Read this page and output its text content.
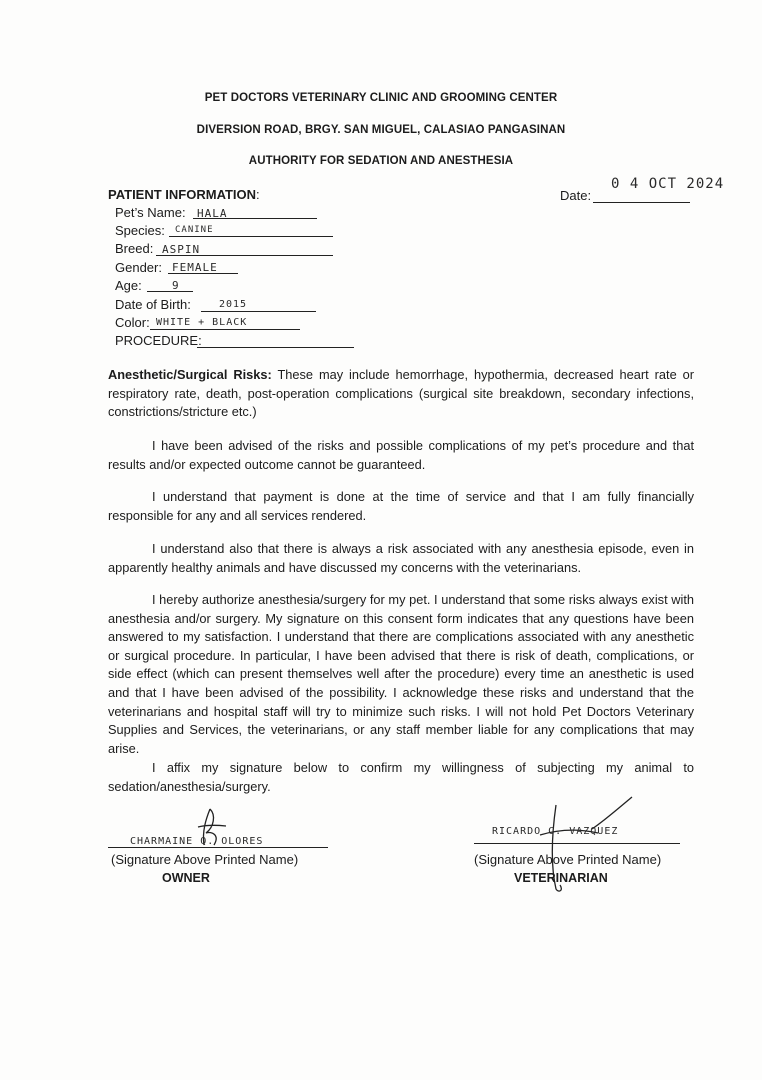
PET DOCTORS VETERINARY CLINIC AND GROOMING CENTER
DIVERSION ROAD, BRGY. SAN MIGUEL, CALASIAO PANGASINAN
AUTHORITY FOR SEDATION AND ANESTHESIA
PATIENT INFORMATION:	Date:
0 4 OCT 2024
Pet’s Name: HALA
Species: CANINE
Breed: ASPIN
Gender: FEMALE
Age:	9
Date of Birth:	2015
Color: WHITE + BLACK
PROCEDURE:

Anesthetic/Surgical Risks: These may include hemorrhage, hypothermia, decreased heart rate or respiratory rate, death, post-operation complications (surgical site breakdown, secondary infections, constrictions/stricture etc.)

I have been advised of the risks and possible complications of my pet’s procedure and that results and/or expected outcome cannot be guaranteed.

I understand that payment is done at the time of service and that I am fully financially responsible for any and all services rendered.

I understand also that there is always a risk associated with any anesthesia episode, even in apparently healthy animals and have discussed my concerns with the veterinarians.

I hereby authorize anesthesia/surgery for my pet. I understand that some risks always exist with anesthesia and/or surgery. My signature on this consent form indicates that any questions have been answered to my satisfaction. I understand that there are complications associated with any anesthetic or surgical procedure. In particular, I have been advised that there is risk of death, complications, or side effect (which can present themselves well after the procedure) every time an anesthetic is used and that I have been advised of the possibility. I acknowledge these risks and understand that the veterinarians and hospital staff will try to minimize such risks. I will not hold Pet Doctors Veterinary Supplies and Services, the veterinarians, or any staff member liable for any complications that may arise.

I affix my signature below to confirm my willingness of subjecting my animal to sedation/anesthesia/surgery.

CHARMAINE Q. OLORES
(Signature Above Printed Name)
OWNER
RICARDO C. VAZQUEZ
(Signature Above Printed Name)
VETERINARIAN
